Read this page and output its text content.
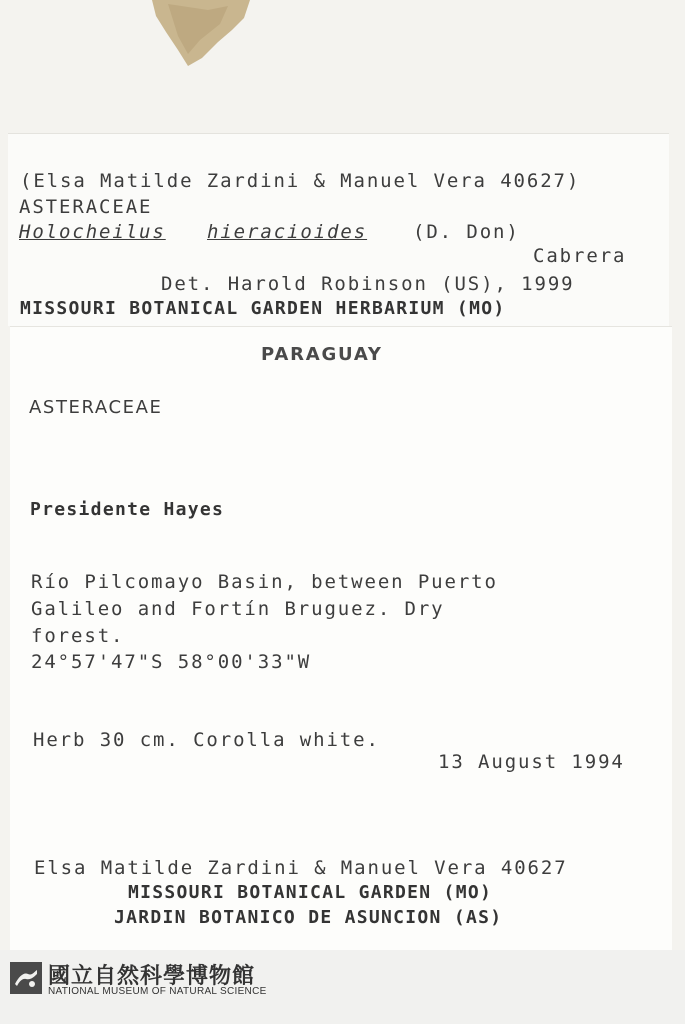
(Elsa Matilde Zardini & Manuel Vera 40627)
ASTERACEAE
Holocheilus hieracioides (D. Don)
Cabrera
Det. Harold Robinson (US), 1999
MISSOURI BOTANICAL GARDEN HERBARIUM (MO)
PARAGUAY
ASTERACEAE
Presidente Hayes
Río Pilcomayo Basin, between Puerto
Galileo and Fortín Bruguez. Dry
forest.
24°57'47"S 58°00'33"W
Herb 30 cm. Corolla white.
13 August 1994
Elsa Matilde Zardini & Manuel Vera 40627
MISSOURI BOTANICAL GARDEN (MO)
JARDIN BOTANICO DE ASUNCION (AS)
國立自然科學博物館
NATIONAL MUSEUM OF NATURAL SCIENCE
